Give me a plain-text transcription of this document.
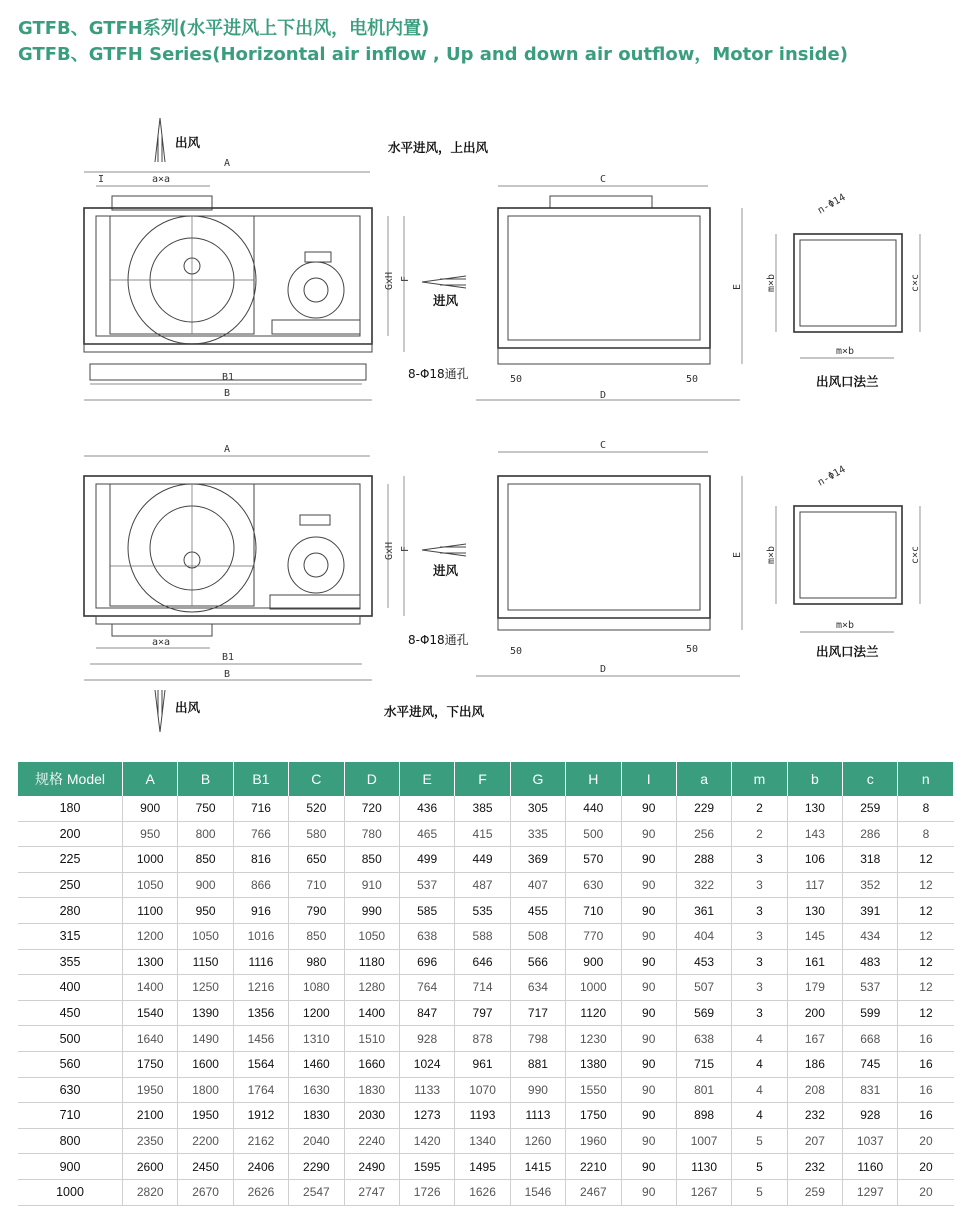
GTFB、GTFH系列(水平进风上下出风，电机内置)
GTFB、GTFH Series(Horizontal air inflow , Up and down air outflow，Motor inside)
出风
A
I	a×a
B1
B
GxH F
进风
水平进风，上出风
C
E
50	50
D
8-Φ18通孔
m×b	c×c
m×b
n-Φ14
出风口法兰
A
a×a
B1
B
GxH F
进风
出风	水平进风，下出风
C
E
50	50
D
8-Φ18通孔
m×b	c×c
m×b
n-Φ14
出风口法兰
规格 Model	A	B	B1	C	D	E	F	G	H	I	a	m	b	c	n
180	900	750	716	520	720	436	385	305	440	90	229	2	130	259	8
200	950	800	766	580	780	465	415	335	500	90	256	2	143	286	8
225	1000	850	816	650	850	499	449	369	570	90	288	3	106	318	12
250	1050	900	866	710	910	537	487	407	630	90	322	3	117	352	12
280	1100	950	916	790	990	585	535	455	710	90	361	3	130	391	12
315	1200	1050	1016	850	1050	638	588	508	770	90	404	3	145	434	12
355	1300	1150	1116	980	1180	696	646	566	900	90	453	3	161	483	12
400	1400	1250	1216	1080	1280	764	714	634	1000	90	507	3	179	537	12
450	1540	1390	1356	1200	1400	847	797	717	1120	90	569	3	200	599	12
500	1640	1490	1456	1310	1510	928	878	798	1230	90	638	4	167	668	16
560	1750	1600	1564	1460	1660	1024	961	881	1380	90	715	4	186	745	16
630	1950	1800	1764	1630	1830	1133	1070	990	1550	90	801	4	208	831	16
710	2100	1950	1912	1830	2030	1273	1193	1113	1750	90	898	4	232	928	16
800	2350	2200	2162	2040	2240	1420	1340	1260	1960	90	1007	5	207	1037	20
900	2600	2450	2406	2290	2490	1595	1495	1415	2210	90	1130	5	232	1160	20
1000	2820	2670	2626	2547	2747	1726	1626	1546	2467	90	1267	5	259	1297	20
